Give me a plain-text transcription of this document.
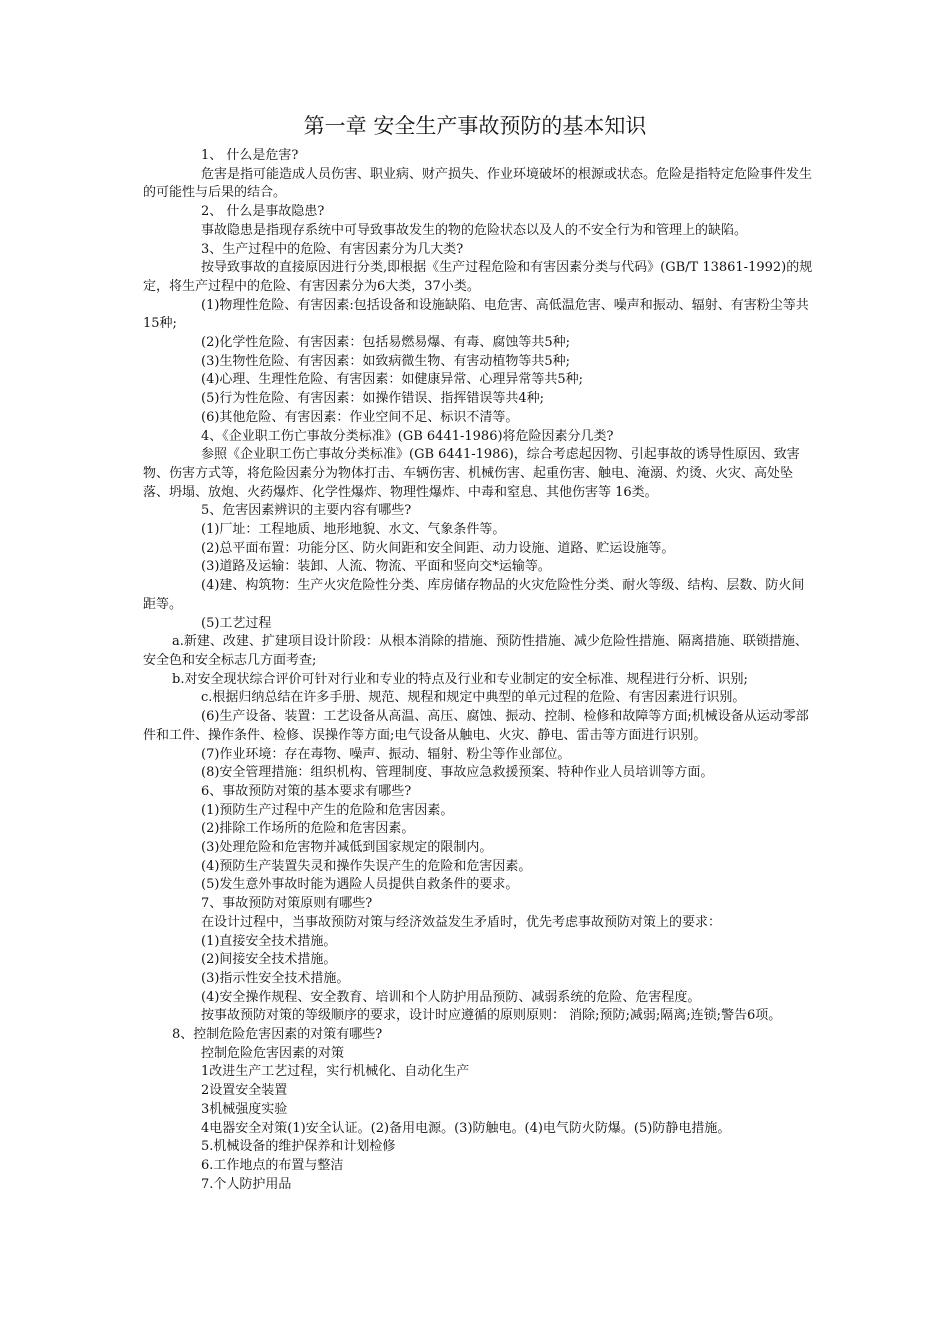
第一章 安全生产事故预防的基本知识

1、 什么是危害?

危害是指可能造成人员伤害、职业病、财产损失、作业环境破坏的根源或状态。危险是指特定危险事件发生的可能性与后果的结合。

2、 什么是事故隐患?

事故隐患是指现存系统中可导致事故发生的物的危险状态以及人的不安全行为和管理上的缺陷。

3、生产过程中的危险、有害因素分为几大类?

按导致事故的直接原因进行分类,即根据《生产过程危险和有害因素分类与代码》(GB/T 13861-1992)的规定，将生产过程中的危险、有害因素分为6大类，37小类。

(1)物理性危险、有害因素:包括设备和设施缺陷、电危害、高低温危害、噪声和振动、辐射、有害粉尘等共15种;

(2)化学性危险、有害因素：包括易燃易爆、有毒、腐蚀等共5种;

(3)生物性危险、有害因素：如致病微生物、有害动植物等共5种;

(4)心理、生理性危险、有害因素：如健康异常、心理异常等共5种;

(5)行为性危险、有害因素：如操作错误、指挥错误等共4种;

(6)其他危险、有害因素：作业空间不足、标识不清等。

4、《企业职工伤亡事故分类标准》(GB 6441-1986)将危险因素分几类?

参照《企业职工伤亡事故分类标准》(GB 6441-1986)，综合考虑起因物、引起事故的诱导性原因、致害物、伤害方式等，将危险因素分为物体打击、车辆伤害、机械伤害、起重伤害、触电、淹溺、灼烫、火灾、高处坠落、坍塌、放炮、火药爆炸、化学性爆炸、物理性爆炸、中毒和窒息、其他伤害等 16类。

5、危害因素辨识的主要内容有哪些?

(1)厂址：工程地质、地形地貌、水文、气象条件等。

(2)总平面布置：功能分区、防火间距和安全间距、动力设施、道路、贮运设施等。

(3)道路及运输：装卸、人流、物流、平面和竖向交*运输等。

(4)建、构筑物：生产火灾危险性分类、库房储存物品的火灾危险性分类、耐火等级、结构、层数、防火间距等。

(5)工艺过程

a.新建、改建、扩建项目设计阶段：从根本消除的措施、预防性措施、减少危险性措施、隔离措施、联锁措施、安全色和安全标志几方面考查;

b.对安全现状综合评价可针对行业和专业的特点及行业和专业制定的安全标准、规程进行分析、识别;

c.根据归纳总结在许多手册、规范、规程和规定中典型的单元过程的危险、有害因素进行识别。

(6)生产设备、装置：工艺设备从高温、高压、腐蚀、振动、控制、检修和故障等方面;机械设备从运动零部件和工件、操作条件、检修、误操作等方面;电气设备从触电、火灾、静电、雷击等方面进行识别。

(7)作业环境：存在毒物、噪声、振动、辐射、粉尘等作业部位。

(8)安全管理措施：组织机构、管理制度、事故应急救援预案、特种作业人员培训等方面。

6、事故预防对策的基本要求有哪些?

(1)预防生产过程中产生的危险和危害因素。

(2)排除工作场所的危险和危害因素。

(3)处理危险和危害物并减低到国家规定的限制内。

(4)预防生产装置失灵和操作失误产生的危险和危害因素。

(5)发生意外事故时能为遇险人员提供自救条件的要求。

7、事故预防对策原则有哪些?

在设计过程中，当事故预防对策与经济效益发生矛盾时，优先考虑事故预防对策上的要求：

(1)直接安全技术措施。

(2)间接安全技术措施。

(3)指示性安全技术措施。

(4)安全操作规程、安全教育、培训和个人防护用品预防、减弱系统的危险、危害程度。

按事故预防对策的等级顺序的要求，设计时应遵循的原则原则： 消除;预防;减弱;隔离;连锁;警告6项。

8、控制危险危害因素的对策有哪些?

控制危险危害因素的对策

1改进生产工艺过程，实行机械化、自动化生产

2设置安全装置

3机械强度实验

4电器安全对策(1)安全认证。(2)备用电源。(3)防触电。(4)电气防火防爆。(5)防静电措施。

5.机械设备的维护保养和计划检修

6.工作地点的布置与整洁

7.个人防护用品
